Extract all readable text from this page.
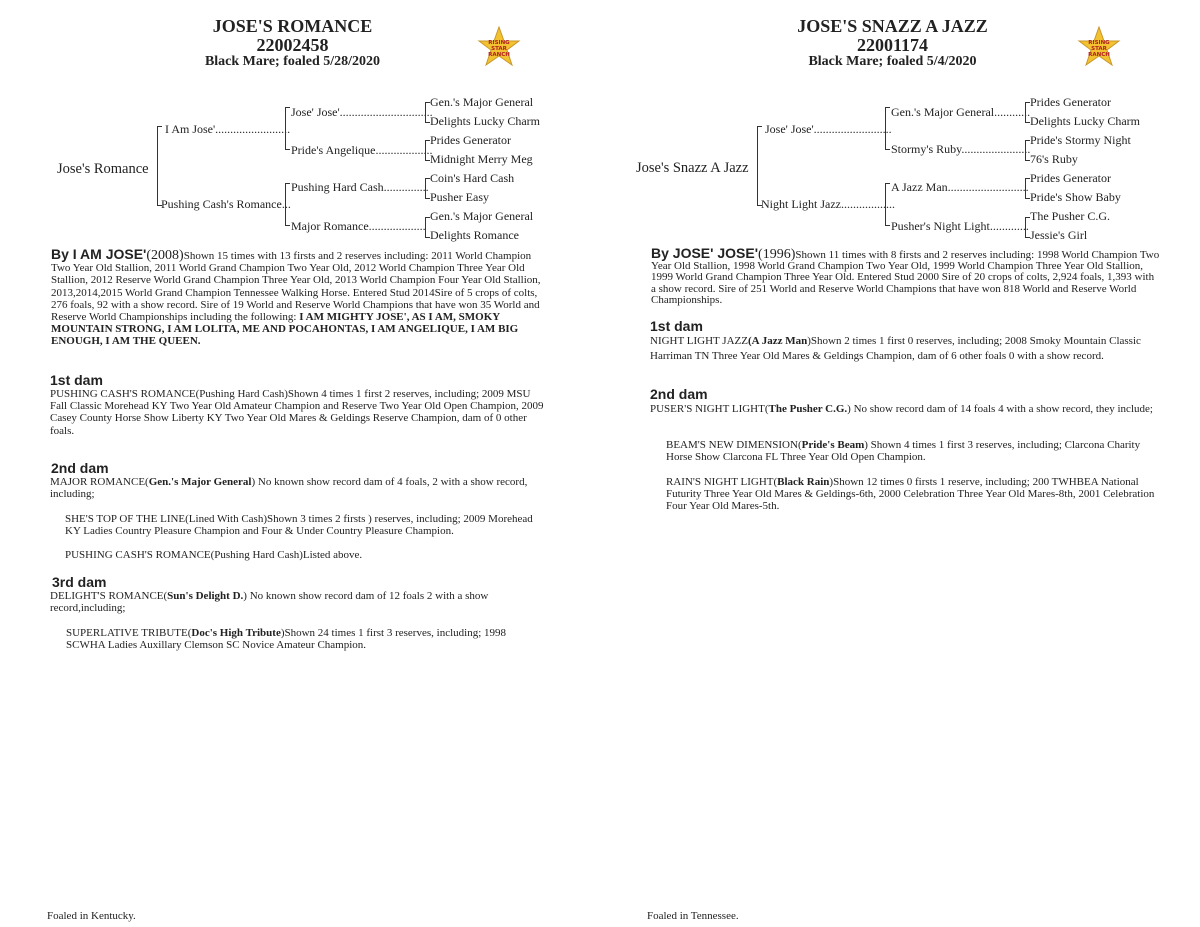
JOSE'S ROMANCE
22002458
Black Mare; foaled 5/28/2020
RISING
STAR
RANCH
Jose's Romance
I Am Jose'.........................
Pushing Cash's Romance...
Jose' Jose'...............................
Pride's Angelique...................
Pushing Hard Cash...............
Major Romance...................
Gen.'s Major General
Delights Lucky Charm
Prides Generator
Midnight Merry Meg
Coin's Hard Cash
Pusher Easy
Gen.'s Major General
Delights Romance
By I AM JOSE'(2008)Shown 15 times with 13 firsts and 2 reserves including: 2011 World Champion Two Year Old Stallion, 2011 World Grand Champion Two Year Old, 2012 World Champion Three Year Old Stallion, 2012 Reserve World Grand Champion Three Year Old, 2013 World Champion Four Year Old Stallion, 2013,2014,2015 World Grand Champion Tennessee Walking Horse. Entered Stud 2014Sire of 5 crops of colts, 276 foals, 92 with a show record. Sire of 19 World and Reserve World Champions that have won 35 World and Reserve World Championships including the following: I AM MIGHTY JOSE', AS I AM, SMOKY MOUNTAIN STRONG, I AM LOLITA, ME AND POCAHONTAS, I AM ANGELIQUE, I AM BIG ENOUGH, I AM THE QUEEN.
1st dam
PUSHING CASH'S ROMANCE(Pushing Hard Cash)Shown 4 times 1 first 2 reserves, including; 2009 MSU Fall Classic Morehead KY Two Year Old Amateur Champion and Reserve Two Year Old Open Champion, 2009 Casey County Horse Show Liberty KY Two Year Old Mares & Geldings Reserve Champion, dam of 0 other foals.
2nd dam
MAJOR ROMANCE(Gen.'s Major General) No known show record dam of 4 foals, 2 with a show record, including;
SHE'S TOP OF THE LINE(Lined With Cash)Shown 3 times 2 firsts ) reserves, including; 2009 Morehead KY Ladies Country Pleasure Champion and Four & Under Country Pleasure Champion.
PUSHING CASH'S ROMANCE(Pushing Hard Cash)Listed above.
3rd dam
DELIGHT'S ROMANCE(Sun's Delight D.) No known show record dam of 12 foals 2 with a show record,including;
SUPERLATIVE TRIBUTE(Doc's High Tribute)Shown 24 times 1 first 3 reserves, including; 1998 SCWHA Ladies Auxillary Clemson SC Novice Amateur Champion.
Foaled in Kentucky.
JOSE'S SNAZZ A JAZZ
22001174
Black Mare; foaled 5/4/2020
RISING
STAR
RANCH
Jose's Snazz A Jazz
Jose' Jose'..........................
Night Light Jazz..................
Gen.'s Major General............
Stormy's Ruby.......................
A Jazz Man...........................
Pusher's Night Light.............
Prides Generator
Delights Lucky Charm
Pride's Stormy Night
76's Ruby
Prides Generator
Pride's Show Baby
The Pusher C.G.
Jessie's Girl
By JOSE' JOSE'(1996)Shown 11 times with 8 firsts and 2 reserves including: 1998 World Champion Two Year Old Stallion, 1998 World Grand Champion Two Year Old, 1999 World Champion Three Year Old Stallion, 1999 World Grand Champion Three Year Old. Entered Stud 2000 Sire of 20 crops of colts, 2,924 foals, 1,393 with a show record. Sire of 251 World and Reserve World Champions that have won 818 World and Reserve World Championships.
1st dam
NIGHT LIGHT JAZZ(A Jazz Man)Shown 2 times 1 first 0 reserves, including; 2008 Smoky Mountain Classic Harriman TN Three Year Old Mares & Geldings Champion, dam of 6 other foals 0 with a show record.
2nd dam
PUSER'S NIGHT LIGHT(The Pusher C.G.) No show record dam of 14 foals 4 with a show record, they include;
BEAM'S NEW DIMENSION(Pride's Beam) Shown 4 times 1 first 3 reserves, including; Clarcona Charity Horse Show Clarcona FL Three Year Old Open Champion.
RAIN'S NIGHT LIGHT(Black Rain)Shown 12 times 0 firsts 1 reserve, including; 200 TWHBEA National Futurity Three Year Old Mares & Geldings-6th, 2000 Celebration Three Year Old Mares-8th, 2001 Celebration Four Year Old Mares-5th.
Foaled in Tennessee.
